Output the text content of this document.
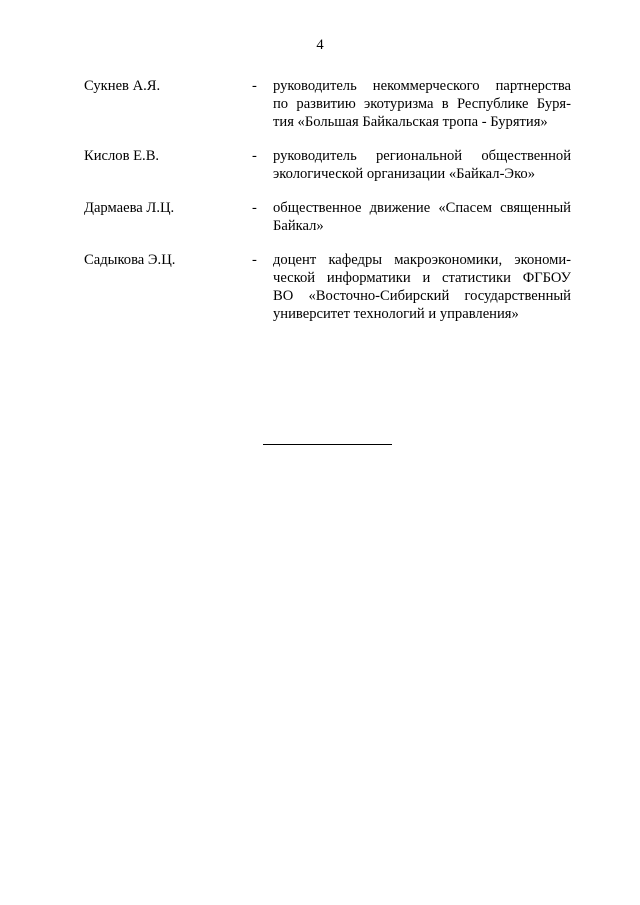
4
Сукнев А.Я.	- руководитель некоммерческого партнерства
по развитию экотуризма в Республике Буря-
тия «Большая Байкальская тропа - Бурятия»
Кислов Е.В.	- руководитель региональной общественной
экологической организации «Байкал-Эко»
Дармаева Л.Ц.	- общественное движение «Спасем священный
Байкал»
Садыкова Э.Ц.	- доцент кафедры макроэкономики, экономи-
ческой информатики и статистики ФГБОУ
ВО «Восточно-Сибирский государственный
университет технологий и управления»
